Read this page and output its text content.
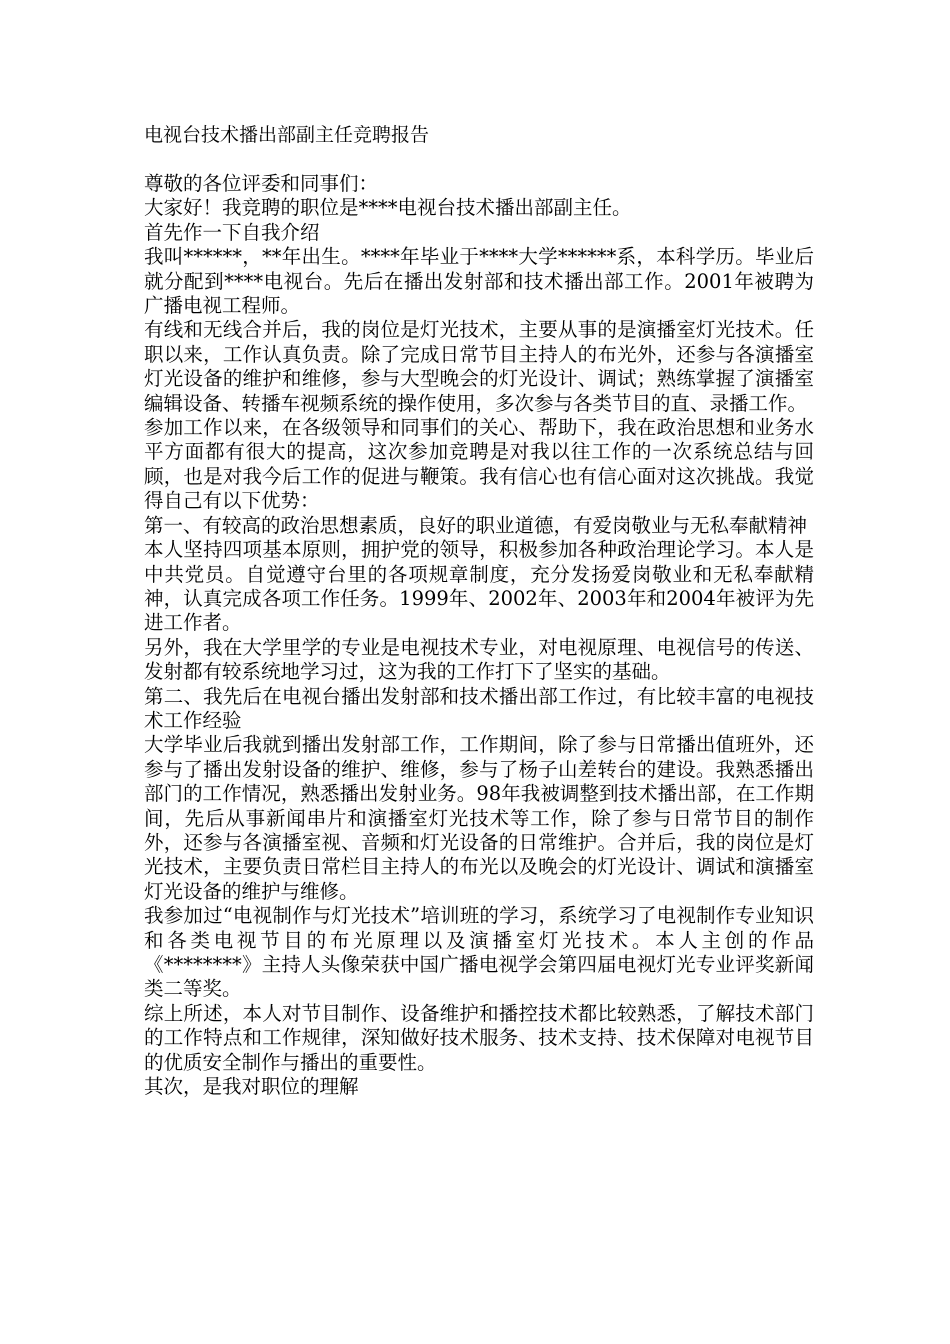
电视台技术播出部副主任竞聘报告

尊敬的各位评委和同事们：

大家好！我竞聘的职位是****电视台技术播出部副主任。

首先作一下自我介绍

我叫******，**年出生。****年毕业于****大学******系，本科学历。毕业后就分配到****电视台。先后在播出发射部和技术播出部工作。2001年被聘为广播电视工程师。

有线和无线合并后，我的岗位是灯光技术，主要从事的是演播室灯光技术。任职以来，工作认真负责。除了完成日常节目主持人的布光外，还参与各演播室灯光设备的维护和维修，参与大型晚会的灯光设计、调试；熟练掌握了演播室编辑设备、转播车视频系统的操作使用，多次参与各类节目的直、录播工作。

参加工作以来，在各级领导和同事们的关心、帮助下，我在政治思想和业务水平方面都有很大的提高，这次参加竞聘是对我以往工作的一次系统总结与回顾，也是对我今后工作的促进与鞭策。我有信心也有信心面对这次挑战。我觉得自己有以下优势：

第一、有较高的政治思想素质，良好的职业道德，有爱岗敬业与无私奉献精神

本人坚持四项基本原则，拥护党的领导，积极参加各种政治理论学习。本人是中共党员。自觉遵守台里的各项规章制度，充分发扬爱岗敬业和无私奉献精神，认真完成各项工作任务。1999年、2002年、2003年和2004年被评为先进工作者。

另外，我在大学里学的专业是电视技术专业，对电视原理、电视信号的传送、发射都有较系统地学习过，这为我的工作打下了坚实的基础。

第二、我先后在电视台播出发射部和技术播出部工作过，有比较丰富的电视技术工作经验

大学毕业后我就到播出发射部工作，工作期间，除了参与日常播出值班外，还参与了播出发射设备的维护、维修，参与了杨子山差转台的建设。我熟悉播出部门的工作情况，熟悉播出发射业务。98年我被调整到技术播出部，在工作期间，先后从事新闻串片和演播室灯光技术等工作，除了参与日常节目的制作外，还参与各演播室视、音频和灯光设备的日常维护。合并后，我的岗位是灯光技术，主要负责日常栏目主持人的布光以及晚会的灯光设计、调试和演播室灯光设备的维护与维修。

我参加过“电视制作与灯光技术”培训班的学习，系统学习了电视制作专业知识和各类电视节目的布光原理以及演播室灯光技术。本人主创的作品《********》主持人头像荣获中国广播电视学会第四届电视灯光专业评奖新闻类二等奖。

综上所述，本人对节目制作、设备维护和播控技术都比较熟悉，了解技术部门的工作特点和工作规律，深知做好技术服务、技术支持、技术保障对电视节目的优质安全制作与播出的重要性。

其次，是我对职位的理解
